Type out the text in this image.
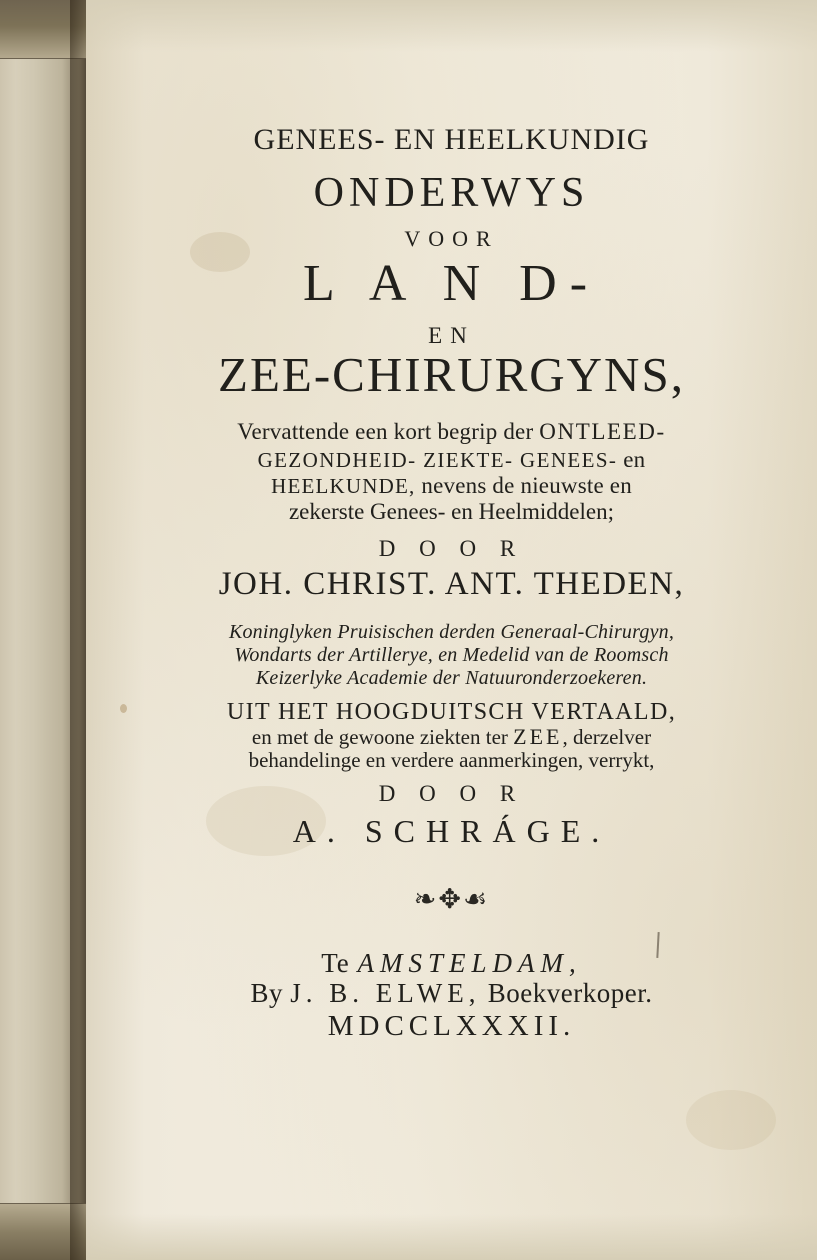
GENEES- EN HEELKUNDIG
ONDERWYS
VOOR
L A N D-
EN
ZEE-CHIRURGYNS,
Vervattende een kort begrip der ONTLEED-
GEZONDHEID- ZIEKTE- GENEES- en
HEELKUNDE, nevens de nieuwste en
zekerste Genees- en Heelmiddelen;
D O O R
JOH. CHRIST. ANT. THEDEN,
Koninglyken Pruisischen derden Generaal-Chirurgyn,
Wondarts der Artillerye, en Medelid van de Roomsch
Keizerlyke Academie der Natuuronderzoekeren.
UIT HET HOOGDUITSCH VERTAALD,
en met de gewoone ziekten ter ZEE, derzelver
behandelinge en verdere aanmerkingen, verrykt,
D O O R
A. SCHRÁGE.
❧✥☙
Te AMSTELDAM,
By J. B. ELWE, Boekverkoper.
MDCCLXXXII.
